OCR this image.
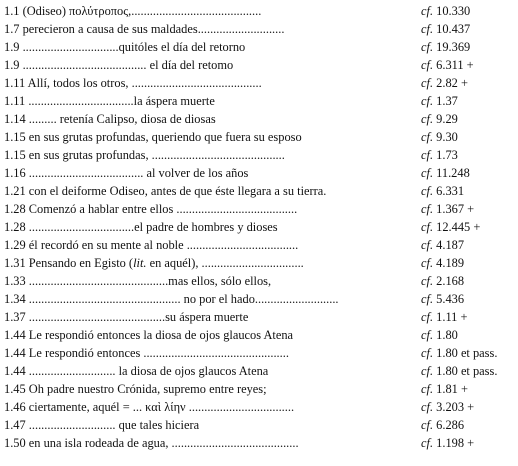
1.1 (Odiseo) πολύτροπος,..........................................	cf. 10.330
1.7 perecieron a causa de sus maldades............................	cf. 10.437
1.9 ...............................quitóles el día del retorno	cf. 19.369
1.9 ........................................ el día del retomo	cf. 6.311 +
1.11 Allí, todos los otros, ..........................................	cf. 2.82 +
1.11 ..................................la áspera muerte	cf. 1.37
1.14 ......... retenía Calipso, diosa de diosas	cf. 9.29
1.15 en sus grutas profundas, queriendo que fuera su esposo	cf. 9.30
1.15 en sus grutas profundas, ...........................................	cf. 1.73
1.16 ..................................... al volver de los años	cf. 11.248
1.21 con el deiforme Odiseo, antes de que éste llegara a su tierra.	cf. 6.331
1.28 Comenzó a hablar entre ellos .......................................	cf. 1.367 +
1.28 ..................................el padre de hombres y dioses	cf. 12.445 +
1.29 él recordó en su mente al noble ....................................	cf. 4.187
1.31 Pensando en Egisto (lit. en aquél), .................................	cf. 4.189
1.33 .............................................mas ellos, sólo ellos,	cf. 2.168
1.34 ................................................. no por el hado...........................	cf. 5.436
1.37 ............................................su áspera muerte	cf. 1.11 +
1.44 Le respondió entonces la diosa de ojos glaucos Atena	cf. 1.80
1.44 Le respondió entonces ...............................................	cf. 1.80 et pass.
1.44 ............................ la diosa de ojos glaucos Atena	cf. 1.80 et pass.
1.45 Oh padre nuestro Crónida, supremo entre reyes;	cf. 1.81 +
1.46 ciertamente, aquél = ... καὶ λίην ..................................	cf. 3.203 +
1.47 ............................ que tales hiciera	cf. 6.286
1.50 en una isla rodeada de agua, .........................................	cf. 1.198 +
